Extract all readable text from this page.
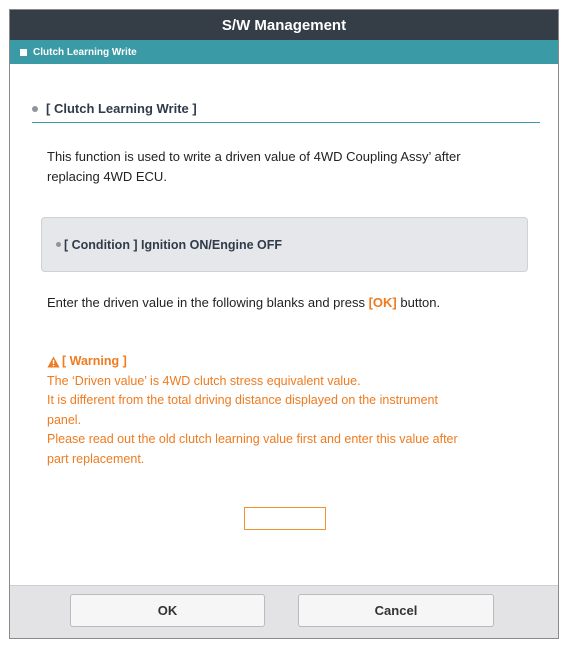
S/W Management
Clutch Learning Write
[ Clutch Learning Write ]
This function is used to write a driven value of 4WD Coupling Assy’ after
replacing 4WD ECU.
[ Condition ] Ignition ON/Engine OFF
Enter the driven value in the following blanks and press [OK] button.
[ Warning ]
The ‘Driven value’ is 4WD clutch stress equivalent value.
It is different from the total driving distance displayed on the instrument
panel.
Please read out the old clutch learning value first and enter this value after
part replacement.
OK	Cancel
